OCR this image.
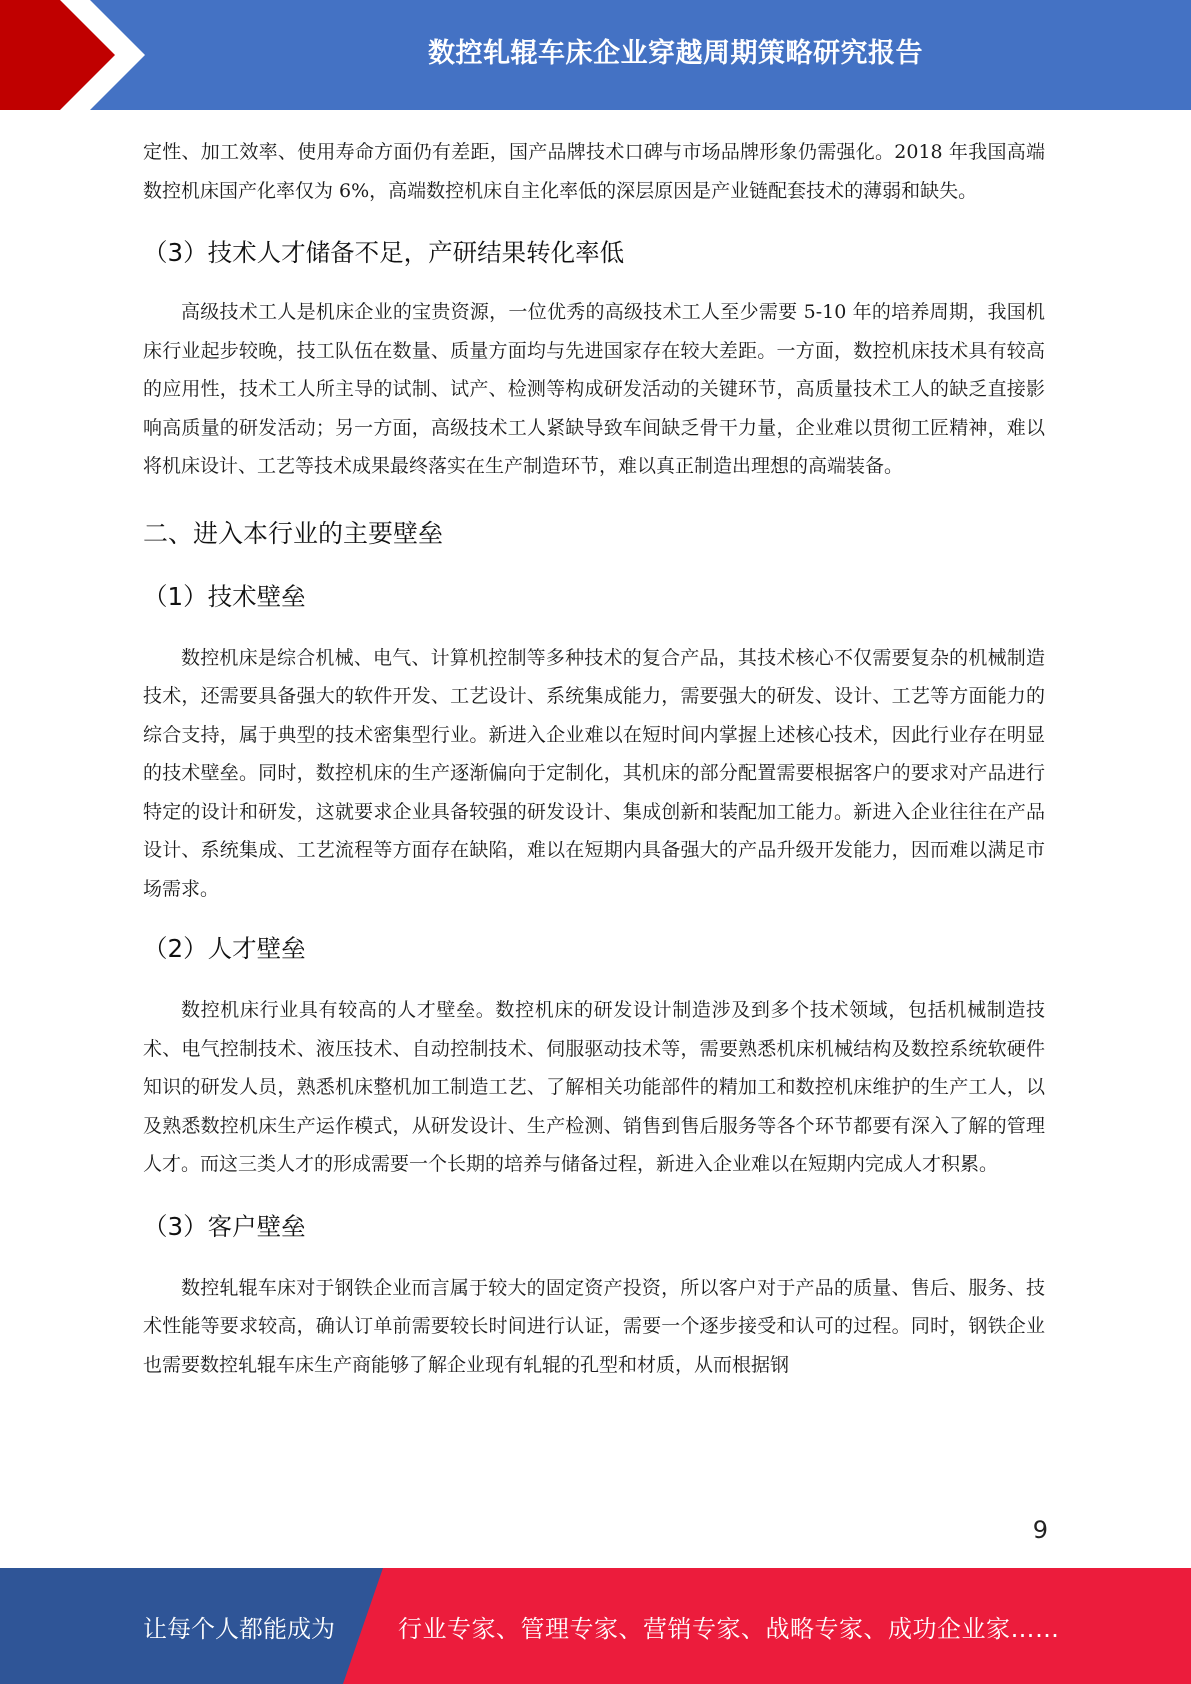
数控轧辊车床企业穿越周期策略研究报告

定性、加工效率、使用寿命方面仍有差距，国产品牌技术口碑与市场品牌形象仍需强化。2018 年我国高端数控机床国产化率仅为 6%，高端数控机床自主化率低的深层原因是产业链配套技术的薄弱和缺失。

（3）技术人才储备不足，产研结果转化率低

高级技术工人是机床企业的宝贵资源，一位优秀的高级技术工人至少需要 5-10 年的培养周期，我国机床行业起步较晚，技工队伍在数量、质量方面均与先进国家存在较大差距。一方面，数控机床技术具有较高的应用性，技术工人所主导的试制、试产、检测等构成研发活动的关键环节，高质量技术工人的缺乏直接影响高质量的研发活动；另一方面，高级技术工人紧缺导致车间缺乏骨干力量，企业难以贯彻工匠精神，难以将机床设计、工艺等技术成果最终落实在生产制造环节，难以真正制造出理想的高端装备。

二、进入本行业的主要壁垒
（1）技术壁垒

数控机床是综合机械、电气、计算机控制等多种技术的复合产品，其技术核心不仅需要复杂的机械制造技术，还需要具备强大的软件开发、工艺设计、系统集成能力，需要强大的研发、设计、工艺等方面能力的综合支持，属于典型的技术密集型行业。新进入企业难以在短时间内掌握上述核心技术，因此行业存在明显的技术壁垒。同时，数控机床的生产逐渐偏向于定制化，其机床的部分配置需要根据客户的要求对产品进行特定的设计和研发，这就要求企业具备较强的研发设计、集成创新和装配加工能力。新进入企业往往在产品设计、系统集成、工艺流程等方面存在缺陷，难以在短期内具备强大的产品升级开发能力，因而难以满足市场需求。

（2）人才壁垒

数控机床行业具有较高的人才壁垒。数控机床的研发设计制造涉及到多个技术领域，包括机械制造技术、电气控制技术、液压技术、自动控制技术、伺服驱动技术等，需要熟悉机床机械结构及数控系统软硬件知识的研发人员，熟悉机床整机加工制造工艺、了解相关功能部件的精加工和数控机床维护的生产工人，以及熟悉数控机床生产运作模式，从研发设计、生产检测、销售到售后服务等各个环节都要有深入了解的管理人才。而这三类人才的形成需要一个长期的培养与储备过程，新进入企业难以在短期内完成人才积累。

（3）客户壁垒

数控轧辊车床对于钢铁企业而言属于较大的固定资产投资，所以客户对于产品的质量、售后、服务、技术性能等要求较高，确认订单前需要较长时间进行认证，需要一个逐步接受和认可的过程。同时，钢铁企业也需要数控轧辊车床生产商能够了解企业现有轧辊的孔型和材质，从而根据钢

9
让每个人都能成为	行业专家、管理专家、营销专家、战略专家、成功企业家……
